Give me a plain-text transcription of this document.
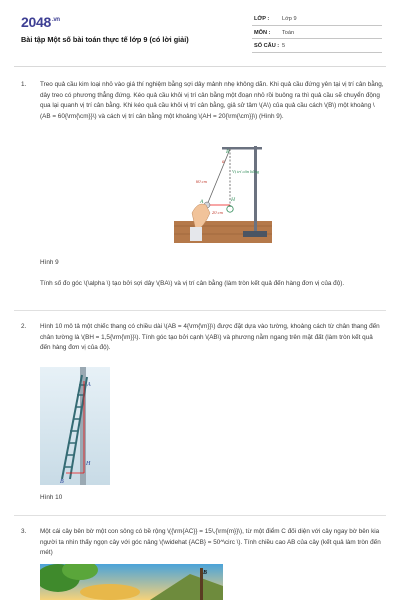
$2048^{.vn}$
Bài tập Một số bài toán thực tế lớp 9 (có lời giải)
LỚP : Lớp 9
MÔN : Toán
SỐ CÂU : 5
1. Treo quả cầu kim loại nhỏ vào giá thí nghiệm bằng sợi dây mảnh nhẹ không dãn. Khi quả cầu đứng yên tại vị trí cân bằng, dây treo có phương thẳng đứng. Kéo quả cầu khỏi vị trí cân bằng một đoạn nhỏ rồi buông ra thì quả cầu sẽ chuyển động qua lại quanh vị trí cân bằng. Khi kéo quả cầu khỏi vị trí cân bằng, giả sử tâm \(A\) của quả cầu cách \(B\) một khoảng \(AB = 60{\rm{\cm}}\) và cách vị trí cân bằng một khoảng \(AH = 20{\rm{\cm}}\) (Hình 9).
α
B
A	H
60 cm
20 cm
Vị trí cân bằng
Hình 9
Tính số đo góc \(\alpha \) tạo bởi sợi dây \(BA\) và vị trí cân bằng (làm tròn kết quả đến hàng đơn vị của độ).
2. Hình 10 mô tả một chiếc thang có chiều dài \(AB = 4{\rm{\m}}\) được đặt dựa vào tường, khoảng cách từ chân thang đến chân tường là \(BH = 1,5{\rm{\m}}\). Tính góc tạo bởi cạnh \(AB\) và phương nằm ngang trên mặt đất (làm tròn kết quả đến hàng đơn vị của độ).
A
B
H
Hình 10
3. Một cái cây bên bờ một con sông có bề rộng \({\rm{AC}} = 15\,{\rm{m}}\), từ một điểm C đối diện với cây ngay bờ bên kia người ta nhìn thấy ngọn cây với góc nâng \(\widehat {ACB} = 50^\circ \). Tính chiều cao AB của cây (kết quả làm tròn đến mét)
B
